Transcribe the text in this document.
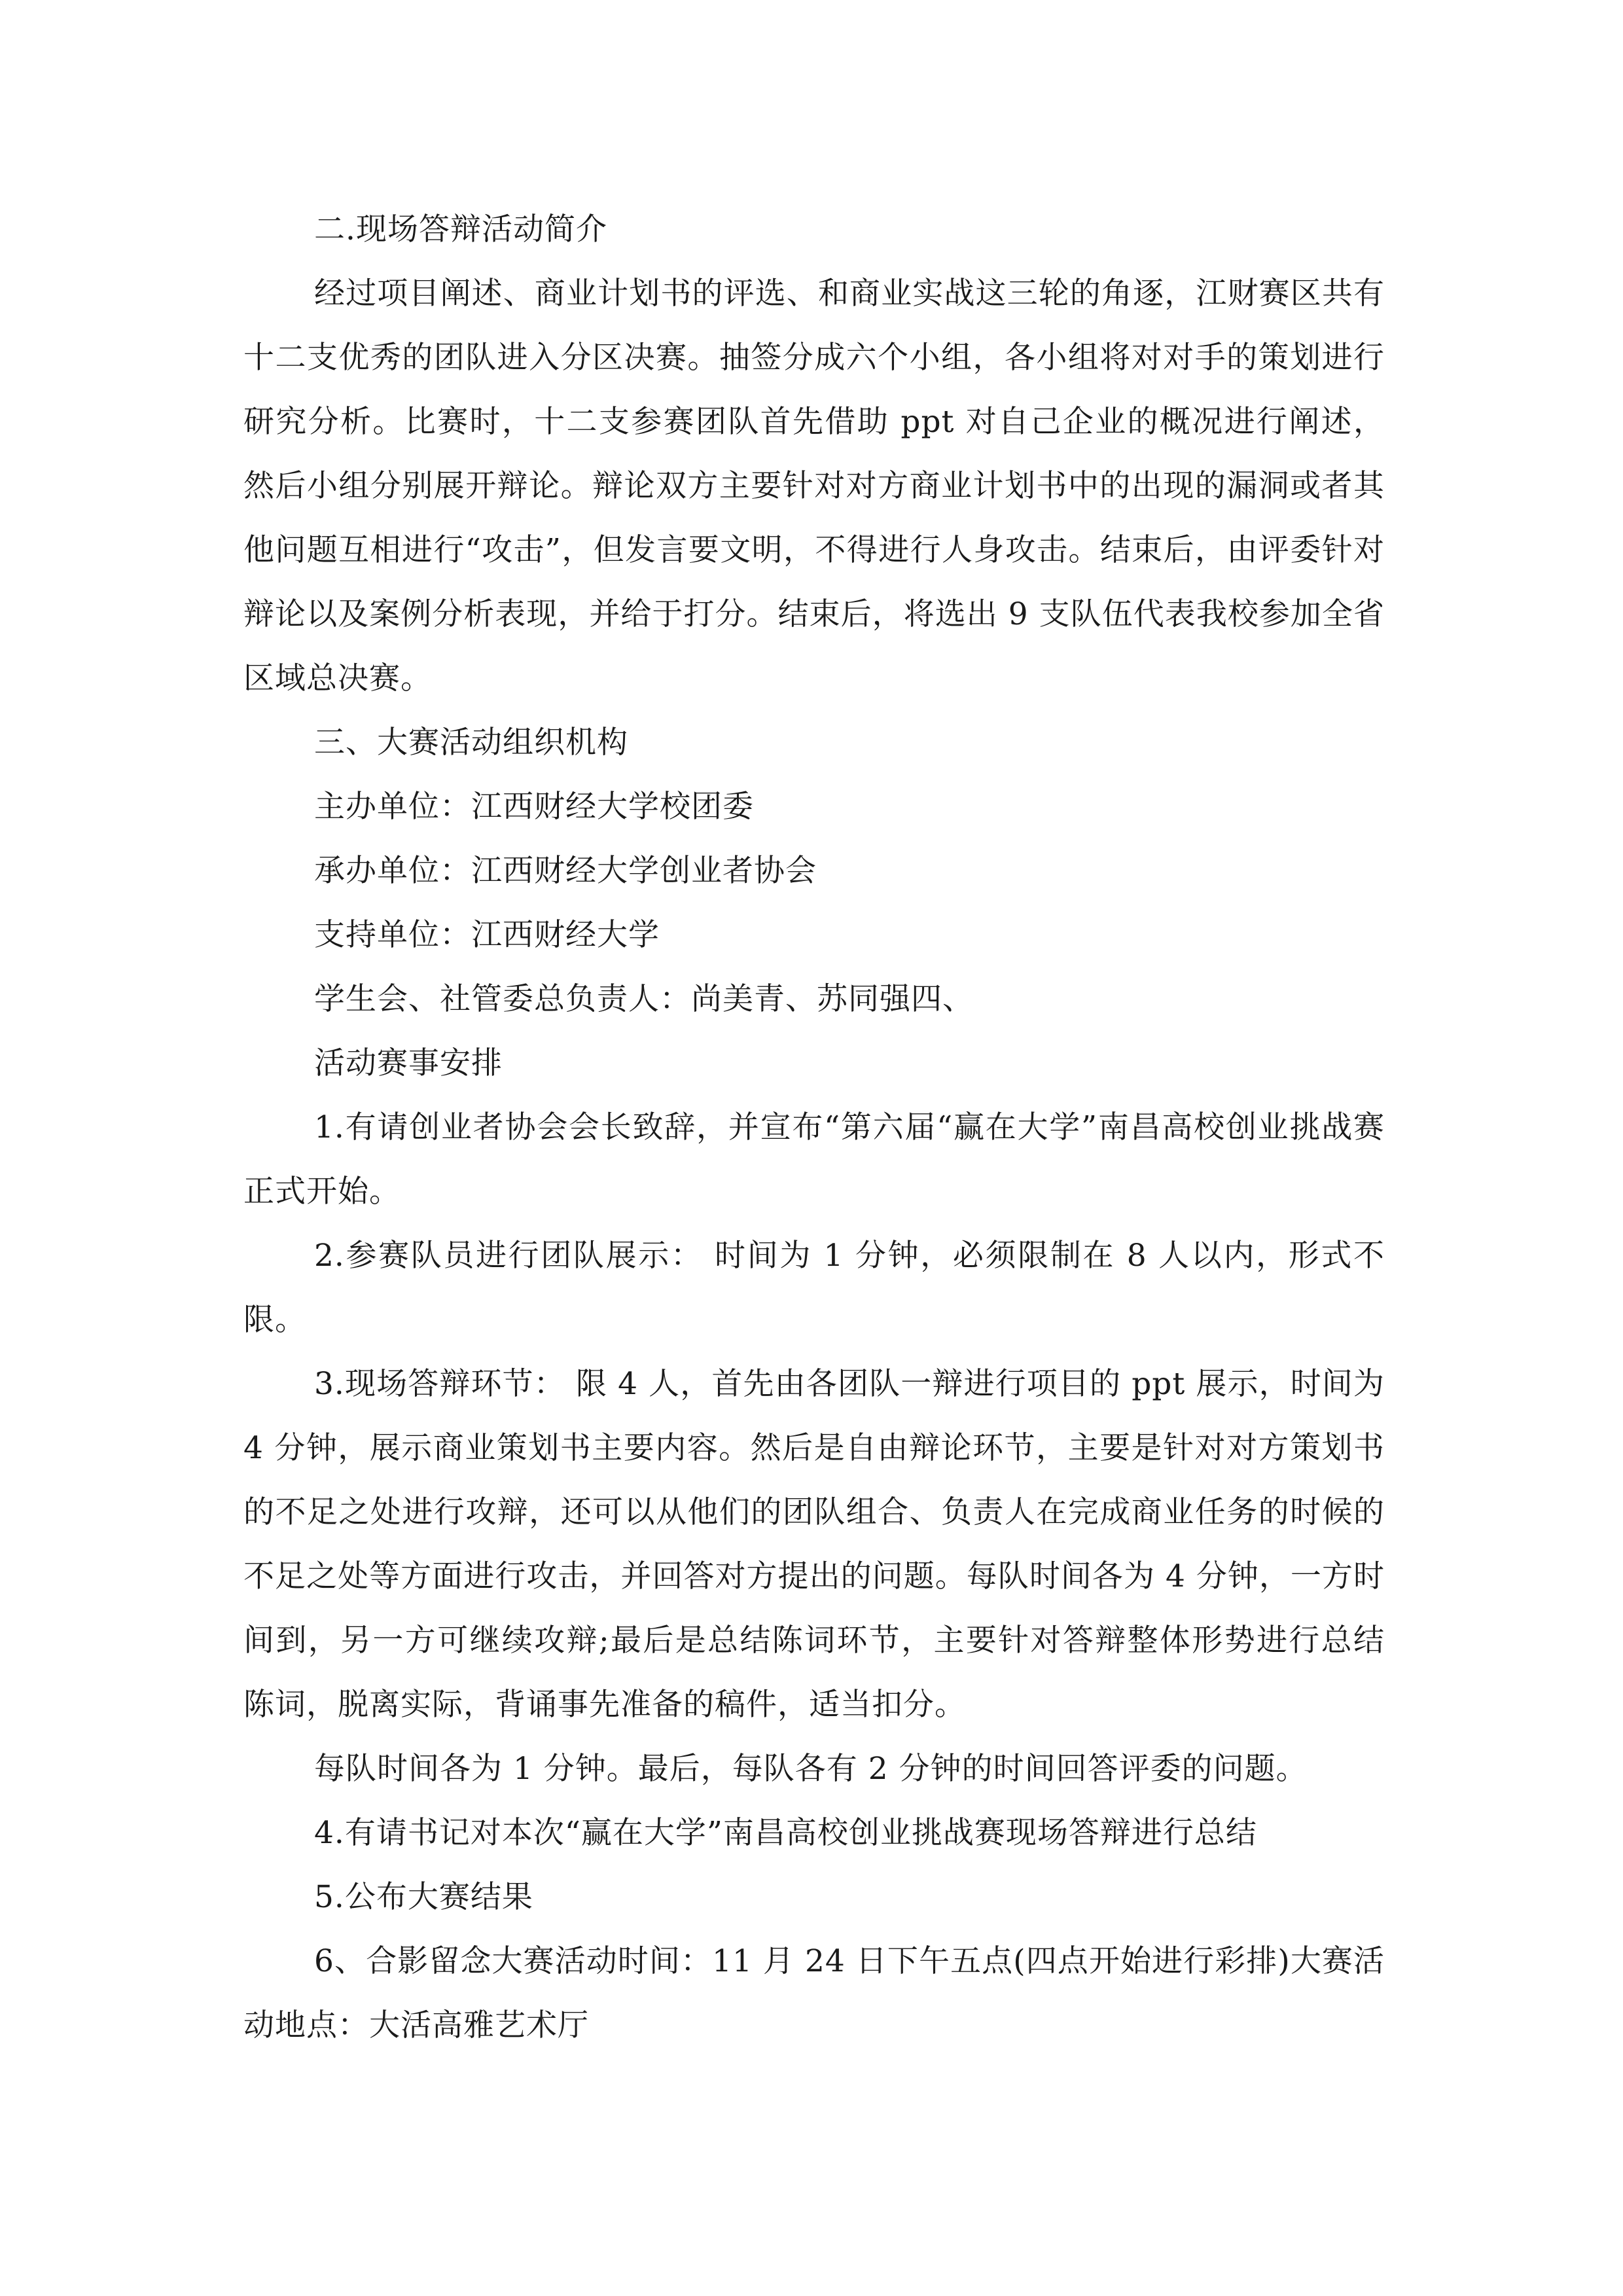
二.现场答辩活动简介

经过项目阐述、商业计划书的评选、和商业实战这三轮的角逐，江财赛区共有十二支优秀的团队进入分区决赛。抽签分成六个小组，各小组将对对手的策划进行研究分析。比赛时，十二支参赛团队首先借助 ppt 对自己企业的概况进行阐述，然后小组分别展开辩论。辩论双方主要针对对方商业计划书中的出现的漏洞或者其他问题互相进行“攻击”，但发言要文明，不得进行人身攻击。结束后，由评委针对辩论以及案例分析表现，并给于打分。结束后，将选出 9 支队伍代表我校参加全省区域总决赛。

三、大赛活动组织机构

主办单位：江西财经大学校团委

承办单位：江西财经大学创业者协会

支持单位：江西财经大学

学生会、社管委总负责人：尚美青、苏同强四、

活动赛事安排

1.有请创业者协会会长致辞，并宣布“第六届“赢在大学”南昌高校创业挑战赛正式开始。

2.参赛队员进行团队展示： 时间为 1 分钟，必须限制在 8 人以内，形式不限。

3.现场答辩环节： 限 4 人，首先由各团队一辩进行项目的 ppt 展示，时间为 4 分钟，展示商业策划书主要内容。然后是自由辩论环节，主要是针对对方策划书的不足之处进行攻辩，还可以从他们的团队组合、负责人在完成商业任务的时候的不足之处等方面进行攻击，并回答对方提出的问题。每队时间各为 4 分钟，一方时间到，另一方可继续攻辩;最后是总结陈词环节，主要针对答辩整体形势进行总结陈词，脱离实际，背诵事先准备的稿件，适当扣分。

每队时间各为 1 分钟。最后，每队各有 2 分钟的时间回答评委的问题。

4.有请书记对本次“赢在大学”南昌高校创业挑战赛现场答辩进行总结

5.公布大赛结果

6、合影留念大赛活动时间：11 月 24 日下午五点(四点开始进行彩排)大赛活动地点：大活高雅艺术厅
